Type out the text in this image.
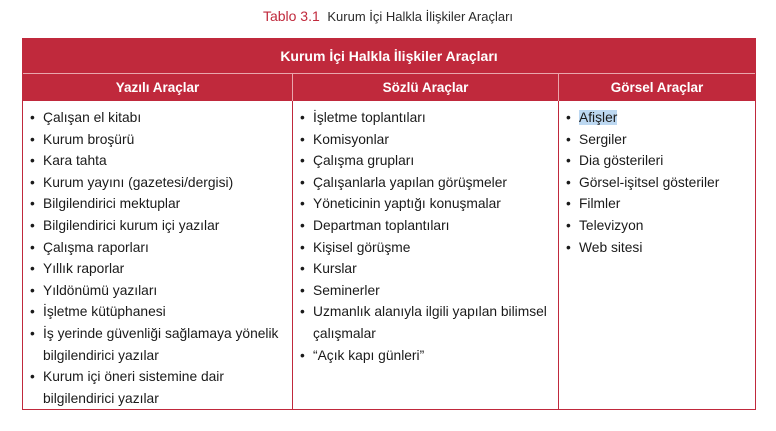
Tablo 3.1 Kurum İçi Halkla İlişkiler Araçları
Kurum İçi Halkla İlişkiler Araçları
Yazılı Araçlar	Sözlü Araçlar	Görsel Araçlar
• Çalışan el kitabı
• Kurum broşürü
• Kara tahta
• Kurum yayını (gazetesi/dergisi)
• Bilgilendirici mektuplar
• Bilgilendirici kurum içi yazılar
• Çalışma raporları
• Yıllık raporlar
• Yıldönümü yazıları
• İşletme kütüphanesi
• İş yerinde güvenliği sağlamaya yönelik bilgilendirici yazılar
• Kurum içi öneri sistemine dair bilgilendirici yazılar
• İşletme toplantıları
• Komisyonlar
• Çalışma grupları
• Çalışanlarla yapılan görüşmeler
• Yöneticinin yaptığı konuşmalar
• Departman toplantıları
• Kişisel görüşme
• Kurslar
• Seminerler
• Uzmanlık alanıyla ilgili yapılan bilimsel çalışmalar
• “Açık kapı günleri”
• Afişler
• Sergiler
• Dia gösterileri
• Görsel-işitsel gösteriler
• Filmler
• Televizyon
• Web sitesi
